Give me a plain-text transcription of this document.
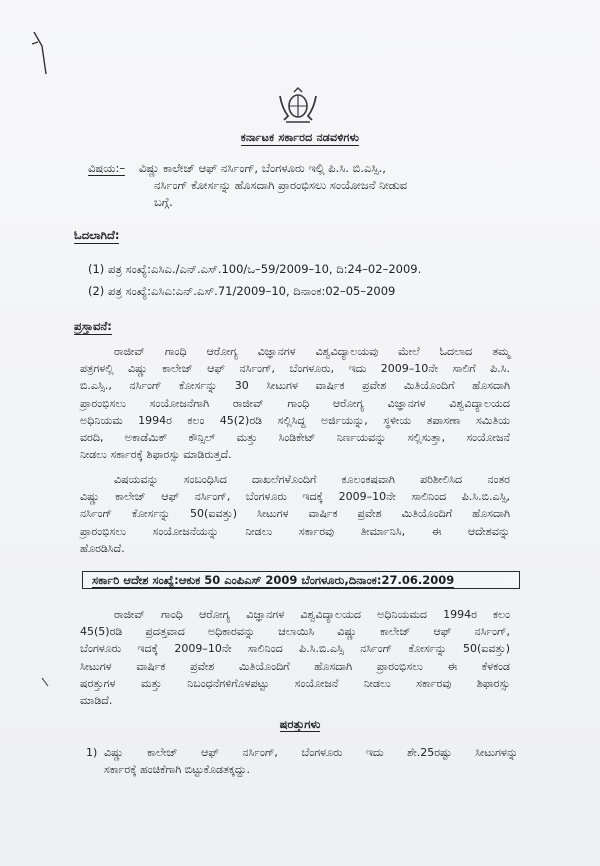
ಕರ್ನಾಟಕ ಸರ್ಕಾರದ ನಡವಳಿಗಳು
ವಿಷಯ:– ವಿಷ್ಣು ಕಾಲೇಜ್ ಆಫ್ ನರ್ಸಿಂಗ್, ಬೆಂಗಳೂರು ಇಲ್ಲಿ ಪಿ.ಸಿ. ಬಿ.ಎಸ್ಸಿ.,
ನರ್ಸಿಂಗ್ ಕೋರ್ಸನ್ನು ಹೊಸದಾಗಿ ಪ್ರಾರಂಭಿಸಲು ಸಂಯೋಜನೆ ನೀಡುವ
ಬಗ್ಗೆ.
ಓದಲಾಗಿದೆ:
(1) ಪತ್ರ ಸಂಖ್ಯೆ:ಎಸಿಎ./ಎನ್.ಎಸ್.100/ಒ–59/2009–10, ದಿ:24–02–2009.
(2) ಪತ್ರ ಸಂಖ್ಯೆ:ಎಸಿಎ:ಎನ್.ಎಸ್.71/2009–10, ದಿನಾಂಕ:02–05–2009
ಪ್ರಸ್ತಾವನೆ:
ರಾಜೀವ್ ಗಾಂಧಿ ಆರೋಗ್ಯ ವಿಜ್ಞಾನಗಳ ವಿಶ್ವವಿದ್ಯಾಲಯವು ಮೇಲೆ ಓದಲಾದ ತಮ್ಮ
ಪತ್ರಗಳಲ್ಲಿ ವಿಷ್ಣು ಕಾಲೇಜ್ ಆಫ್ ನರ್ಸಿಂಗ್, ಬೆಂಗಳೂರು, ಇದು 2009–10ನೇ ಸಾಲಿಗೆ ಪಿ.ಸಿ.
ಬಿ.ಎಸ್ಸಿ., ನರ್ಸಿಂಗ್ ಕೋರ್ಸನ್ನು 30 ಸೀಟುಗಳ ವಾರ್ಷಿಕ ಪ್ರವೇಶ ಮಿತಿಯೊಂದಿಗೆ ಹೊಸದಾಗಿ
ಪ್ರಾರಂಭಿಸಲು ಸಂಯೋಜನೆಗಾಗಿ ರಾಜೀವ್ ಗಾಂಧಿ ಆರೋಗ್ಯ ವಿಜ್ಞಾನಗಳ ವಿಶ್ವವಿದ್ಯಾಲಯದ
ಅಧಿನಿಯಮ 1994ರ ಕಲಂ 45(2)ರಡಿ ಸಲ್ಲಿಸಿದ್ದ ಅರ್ಜಿಯನ್ನು, ಸ್ಥಳೀಯ ತಪಾಸಣಾ ಸಮಿತಿಯ
ವರದಿ, ಅಕಾಡೆಮಿಕ್ ಕೌನ್ಸಿಲ್ ಮತ್ತು ಸಿಂಡಿಕೇಟ್ ನಿರ್ಣಯವನ್ನು ಸಲ್ಲಿಸುತ್ತಾ, ಸಂಯೋಜನೆ
ನೀಡಲು ಸರ್ಕಾರಕ್ಕೆ ಶಿಫಾರಸ್ಸು ಮಾಡಿರುತ್ತದೆ.
ವಿಷಯವನ್ನು ಸಂಬಂಧಿಸಿದ ದಾಖಲೆಗಳೊಂದಿಗೆ ಕೂಲಂಕಷವಾಗಿ ಪರಿಶೀಲಿಸಿದ ನಂತರ
ವಿಷ್ಣು ಕಾಲೇಜ್ ಆಫ್ ನರ್ಸಿಂಗ್, ಬೆಂಗಳೂರು ಇದಕ್ಕೆ 2009–10ನೇ ಸಾಲಿನಿಂದ ಪಿ.ಸಿ.ಬಿ.ಎಸ್ಸಿ,
ನರ್ಸಿಂಗ್ ಕೋರ್ಸನ್ನು 50(ಐವತ್ತು) ಸೀಟುಗಳ ವಾರ್ಷಿಕ ಪ್ರವೇಶ ಮಿತಿಯೊಂದಿಗೆ ಹೊಸದಾಗಿ
ಪ್ರಾರಂಭಿಸಲು ಸಂಯೋಜನೆಯನ್ನು ನೀಡಲು ಸರ್ಕಾರವು ತೀರ್ಮಾನಿಸಿ, ಈ ಆದೇಶವನ್ನು
ಹೊರಡಿಸಿದೆ.
ಸರ್ಕಾರಿ ಆದೇಶ ಸಂಖ್ಯೆ:ಆಕುಕ 50 ಎಂಪಿಎಸ್ 2009 ಬೆಂಗಳೂರು,ದಿನಾಂಕ:27.06.2009
ರಾಜೀವ್ ಗಾಂಧಿ ಆರೋಗ್ಯ ವಿಜ್ಞಾನಗಳ ವಿಶ್ವವಿದ್ಯಾಲಯದ ಅಧಿನಿಯಮದ 1994ರ ಕಲಂ
45(5)ರಡಿ ಪ್ರದತ್ತವಾದ ಅಧಿಕಾರವನ್ನು ಚಲಾಯಿಸಿ ವಿಷ್ಣು ಕಾಲೇಜ್ ಆಫ್ ನರ್ಸಿಂಗ್,
ಬೆಂಗಳೂರು ಇದಕ್ಕೆ 2009–10ನೇ ಸಾಲಿನಿಂದ ಪಿ.ಸಿ.ಬಿ.ಎಸ್ಸಿ ನರ್ಸಿಂಗ್ ಕೋರ್ಸನ್ನು 50(ಐವತ್ತು)
ಸೀಟುಗಳ ವಾರ್ಷಿಕ ಪ್ರವೇಶ ಮಿತಿಯೊಂದಿಗೆ ಹೊಸದಾಗಿ ಪ್ರಾರಂಭಿಸಲು ಈ ಕೆಳಕಂಡ
ಷರತ್ತುಗಳ ಮತ್ತು ನಿಬಂಧನೆಗಳಿಗೊಳಪಟ್ಟು ಸಂಯೋಜನೆ ನೀಡಲು ಸರ್ಕಾರವು ಶಿಫಾರಸ್ಸು
ಮಾಡಿದೆ.
ಷರತ್ತುಗಳು
1) ವಿಷ್ಣು ಕಾಲೇಜ್ ಆಫ್ ನರ್ಸಿಂಗ್, ಬೆಂಗಳೂರು ಇದು ಶೇ.25ರಷ್ಟು ಸೀಟುಗಳನ್ನು
ಸರ್ಕಾರಕ್ಕೆ ಹಂಚಿಕೆಗಾಗಿ ಬಿಟ್ಟುಕೊಡತಕ್ಕದ್ದು.
